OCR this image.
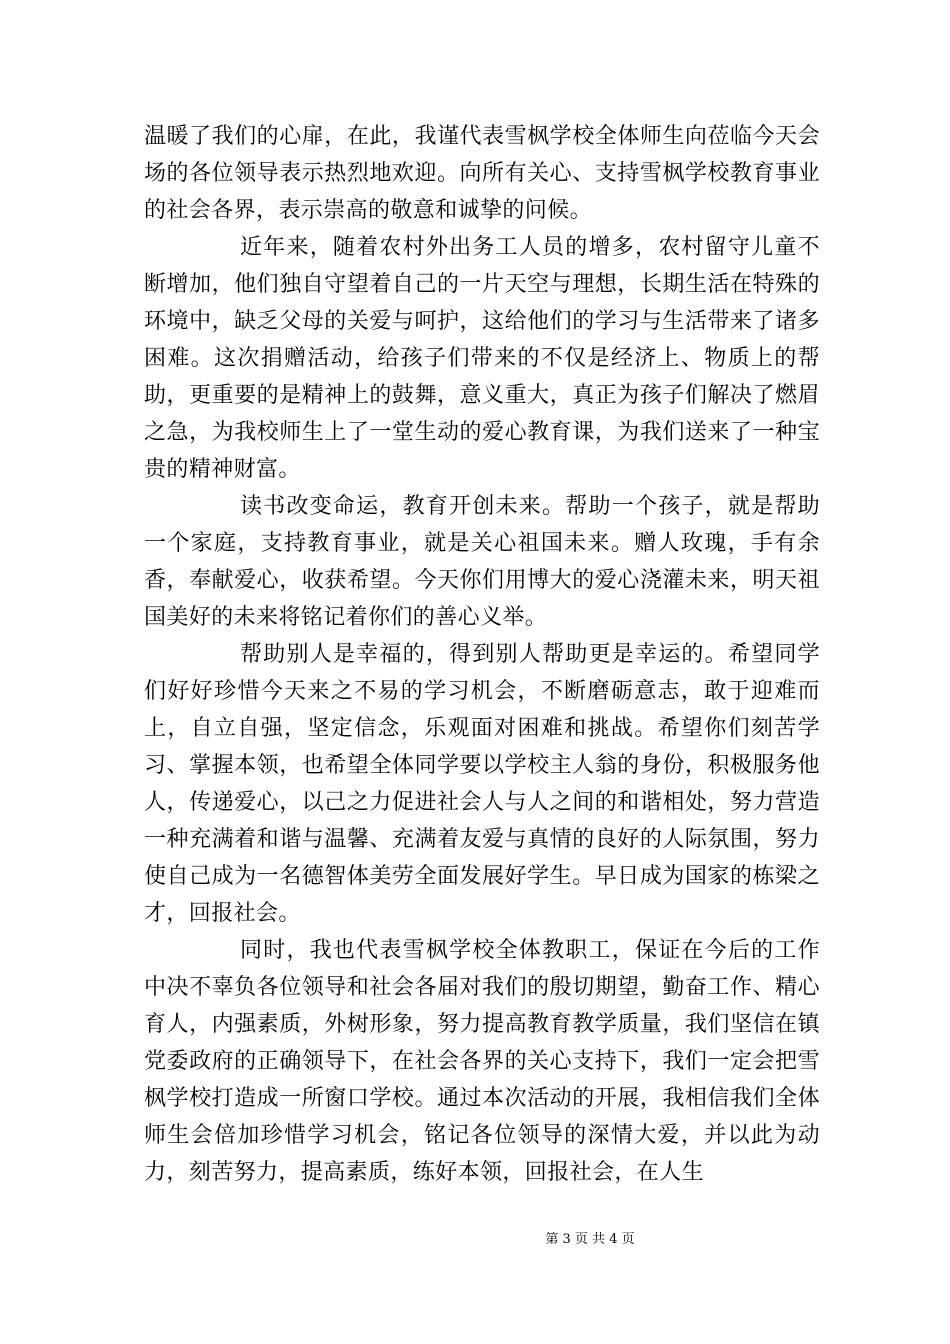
温暖了我们的心扉，在此，我谨代表雪枫学校全体师生向莅临今天会场的各位领导表示热烈地欢迎。向所有关心、支持雪枫学校教育事业的社会各界，表示崇高的敬意和诚挚的问候。

近年来，随着农村外出务工人员的增多，农村留守儿童不断增加，他们独自守望着自己的一片天空与理想，长期生活在特殊的环境中，缺乏父母的关爱与呵护，这给他们的学习与生活带来了诸多困难。这次捐赠活动，给孩子们带来的不仅是经济上、物质上的帮助，更重要的是精神上的鼓舞，意义重大，真正为孩子们解决了燃眉之急，为我校师生上了一堂生动的爱心教育课，为我们送来了一种宝贵的精神财富。

读书改变命运，教育开创未来。帮助一个孩子，就是帮助一个家庭，支持教育事业，就是关心祖国未来。赠人玫瑰，手有余香，奉献爱心，收获希望。今天你们用博大的爱心浇灌未来，明天祖国美好的未来将铭记着你们的善心义举。

帮助别人是幸福的，得到别人帮助更是幸运的。希望同学们好好珍惜今天来之不易的学习机会，不断磨砺意志，敢于迎难而上，自立自强，坚定信念，乐观面对困难和挑战。希望你们刻苦学习、掌握本领，也希望全体同学要以学校主人翁的身份，积极服务他人，传递爱心，以己之力促进社会人与人之间的和谐相处，努力营造一种充满着和谐与温馨、充满着友爱与真情的良好的人际氛围，努力使自己成为一名德智体美劳全面发展好学生。早日成为国家的栋梁之才，回报社会。

同时，我也代表雪枫学校全体教职工，保证在今后的工作中决不辜负各位领导和社会各届对我们的殷切期望，勤奋工作、精心育人，内强素质，外树形象，努力提高教育教学质量，我们坚信在镇党委政府的正确领导下，在社会各界的关心支持下，我们一定会把雪枫学校打造成一所窗口学校。通过本次活动的开展，我相信我们全体师生会倍加珍惜学习机会，铭记各位领导的深情大爱，并以此为动力，刻苦努力，提高素质，练好本领，回报社会，在人生

第 3 页 共 4 页
